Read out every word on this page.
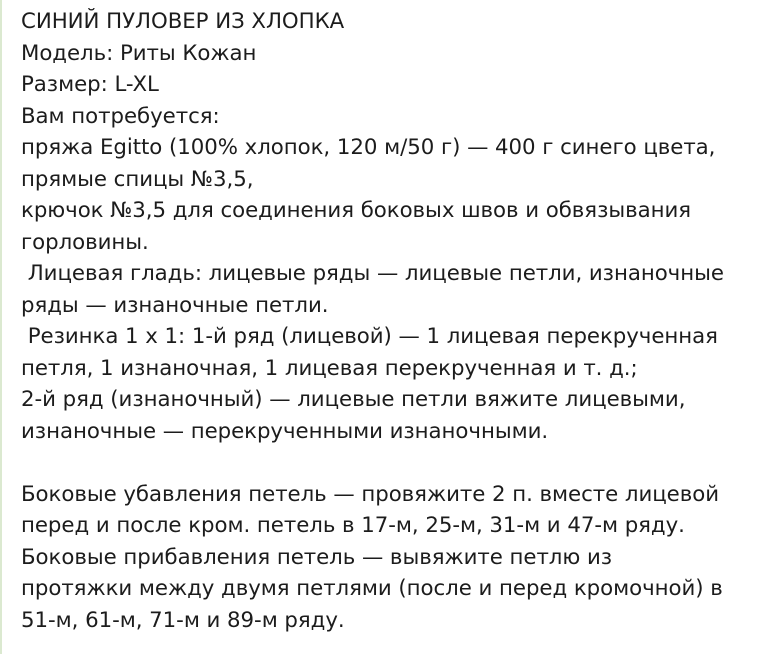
СИНИЙ ПУЛОВЕР ИЗ ХЛОПКА
Модель: Риты Кожан
Размер: L-XL
Вам потребуется:
пряжа Egitto (100% хлопок, 120 м/50 г) — 400 г синего цвета,
прямые спицы №3,5,
крючок №3,5 для соединения боковых швов и обвязывания
горловины.
Лицевая гладь: лицевые ряды — лицевые петли, изнаночные
ряды — изнаночные петли.
Резинка 1 х 1: 1-й ряд (лицевой) — 1 лицевая перекрученная
петля, 1 изнаночная, 1 лицевая перекрученная и т. д.;
2-й ряд (изнаночный) — лицевые петли вяжите лицевыми,
изнаночные — перекрученными изнаночными.
Боковые убавления петель — провяжите 2 п. вместе лицевой
перед и после кром. петель в 17-м, 25-м, 31-м и 47-м ряду.
Боковые прибавления петель — вывяжите петлю из
протяжки между двумя петлями (после и перед кромочной) в
51-м, 61-м, 71-м и 89-м ряду.
